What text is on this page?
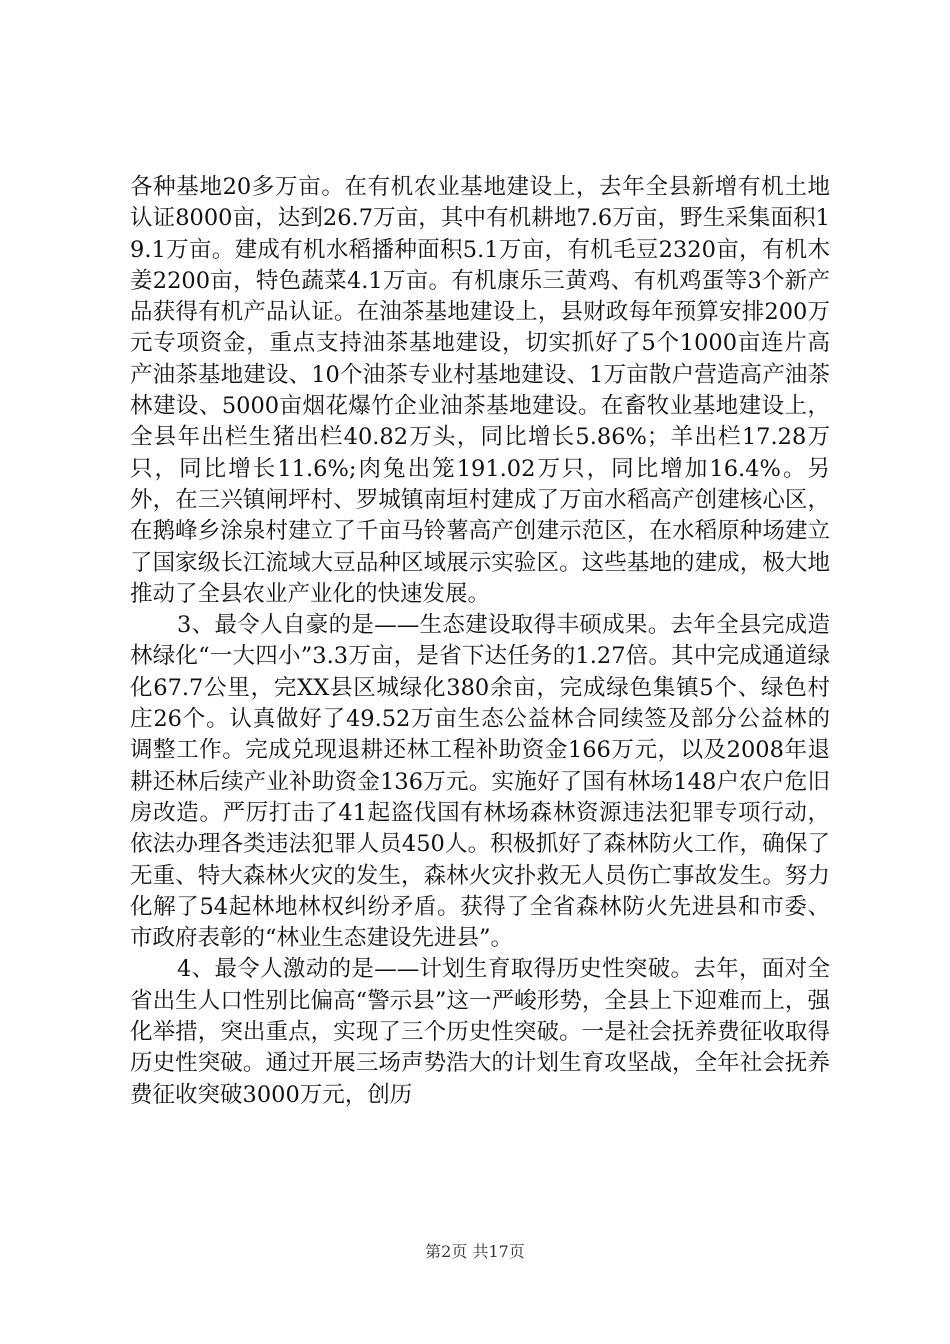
各种基地20多万亩。在有机农业基地建设上，去年全县新增有机土地认证8000亩，达到26.7万亩，其中有机耕地7.6万亩，野生采集面积19.1万亩。建成有机水稻播种面积5.1万亩，有机毛豆2320亩，有机木姜2200亩，特色蔬菜4.1万亩。有机康乐三黄鸡、有机鸡蛋等3个新产品获得有机产品认证。在油茶基地建设上，县财政每年预算安排200万元专项资金，重点支持油茶基地建设，切实抓好了5个1000亩连片高产油茶基地建设、10个油茶专业村基地建设、1万亩散户营造高产油茶林建设、5000亩烟花爆竹企业油茶基地建设。在畜牧业基地建设上，全县年出栏生猪出栏40.82万头，同比增长5.86%；羊出栏17.28万只，同比增长11.6%;肉兔出笼191.02万只，同比增加16.4%。另外，在三兴镇闸坪村、罗城镇南垣村建成了万亩水稻高产创建核心区，在鹅峰乡涂泉村建立了千亩马铃薯高产创建示范区，在水稻原种场建立了国家级长江流域大豆品种区域展示实验区。这些基地的建成，极大地推动了全县农业产业化的快速发展。

3、最令人自豪的是——生态建设取得丰硕成果。去年全县完成造林绿化“一大四小”3.3万亩，是省下达任务的1.27倍。其中完成通道绿化67.7公里，完XX县区城绿化380余亩，完成绿色集镇5个、绿色村庄26个。认真做好了49.52万亩生态公益林合同续签及部分公益林的调整工作。完成兑现退耕还林工程补助资金166万元，以及2008年退耕还林后续产业补助资金136万元。实施好了国有林场148户农户危旧房改造。严厉打击了41起盗伐国有林场森林资源违法犯罪专项行动，依法办理各类违法犯罪人员450人。积极抓好了森林防火工作，确保了无重、特大森林火灾的发生，森林火灾扑救无人员伤亡事故发生。努力化解了54起林地林权纠纷矛盾。获得了全省森林防火先进县和市委、市政府表彰的“林业生态建设先进县”。

4、最令人激动的是——计划生育取得历史性突破。去年，面对全省出生人口性别比偏高“警示县”这一严峻形势，全县上下迎难而上，强化举措，突出重点，实现了三个历史性突破。一是社会抚养费征收取得历史性突破。通过开展三场声势浩大的计划生育攻坚战，全年社会抚养费征收突破3000万元，创历

第2页 共17页
